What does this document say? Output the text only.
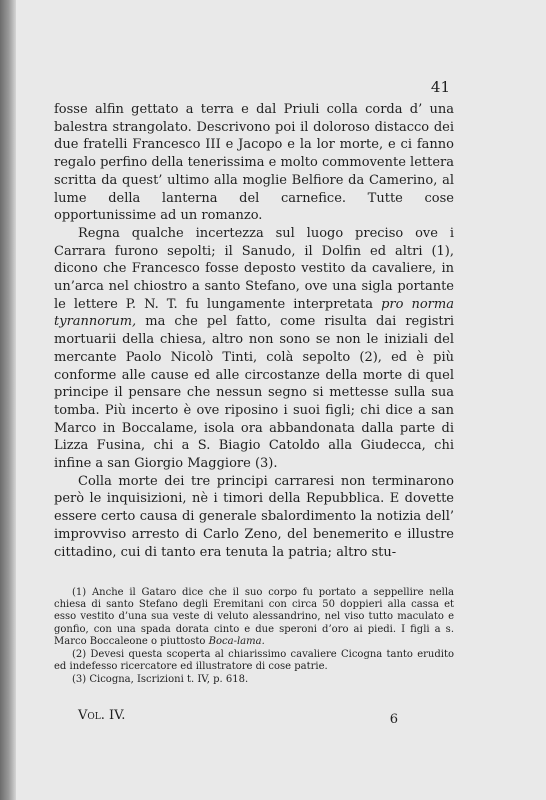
41

fosse alfin gettato a terra e dal Priuli colla corda d’ una balestra strangolato. Descrivono poi il doloroso distacco dei due fratelli Francesco III e Jacopo e la lor morte, e ci fanno regalo perfino della tenerissima e molto commovente lettera scritta da quest’ ultimo alla moglie Belfiore da Camerino, al lume della lanterna del carnefice. Tutte cose opportunissime ad un romanzo.

Regna qualche incertezza sul luogo preciso ove i Carrara furono sepolti; il Sanudo, il Dolfin ed altri (1), dicono che Francesco fosse deposto vestito da cavaliere, in un’arca nel chiostro a santo Stefano, ove una sigla portante le lettere P. N. T. fu lungamente interpretata pro norma tyrannorum, ma che pel fatto, come risulta dai registri mortuarii della chiesa, altro non sono se non le iniziali del mercante Paolo Nicolò Tinti, colà sepolto (2), ed è più conforme alle cause ed alle circostanze della morte di quel principe il pensare che nessun segno si mettesse sulla sua tomba. Più incerto è ove riposino i suoi figli; chi dice a san Marco in Boccalame, isola ora abbandonata dalla parte di Lizza Fusina, chi a S. Biagio Catoldo alla Giudecca, chi infine a san Giorgio Maggiore (3).

Colla morte dei tre principi carraresi non terminarono però le inquisizioni, nè i timori della Repubblica. E dovette essere certo causa di generale sbalordimento la notizia dell’ improvviso arresto di Carlo Zeno, del benemerito e illustre cittadino, cui di tanto era tenuta la patria; altro stu-

(1) Anche il Gataro dice che il suo corpo fu portato a seppellire nella chiesa di santo Stefano degli Eremitani con circa 50 doppieri alla cassa et esso vestito d’una sua veste di veluto alessandrino, nel viso tutto maculato e gonfio, con una spada dorata cinto e due speroni d’oro ai piedi. I figli a s. Marco Boccaleone o piuttosto Boca-lama.

(2) Devesi questa scoperta al chiarissimo cavaliere Cicogna tanto erudito ed indefesso ricercatore ed illustratore di cose patrie.

(3) Cicogna, Iscrizioni t. IV, p. 618.

Vol. IV.	6
